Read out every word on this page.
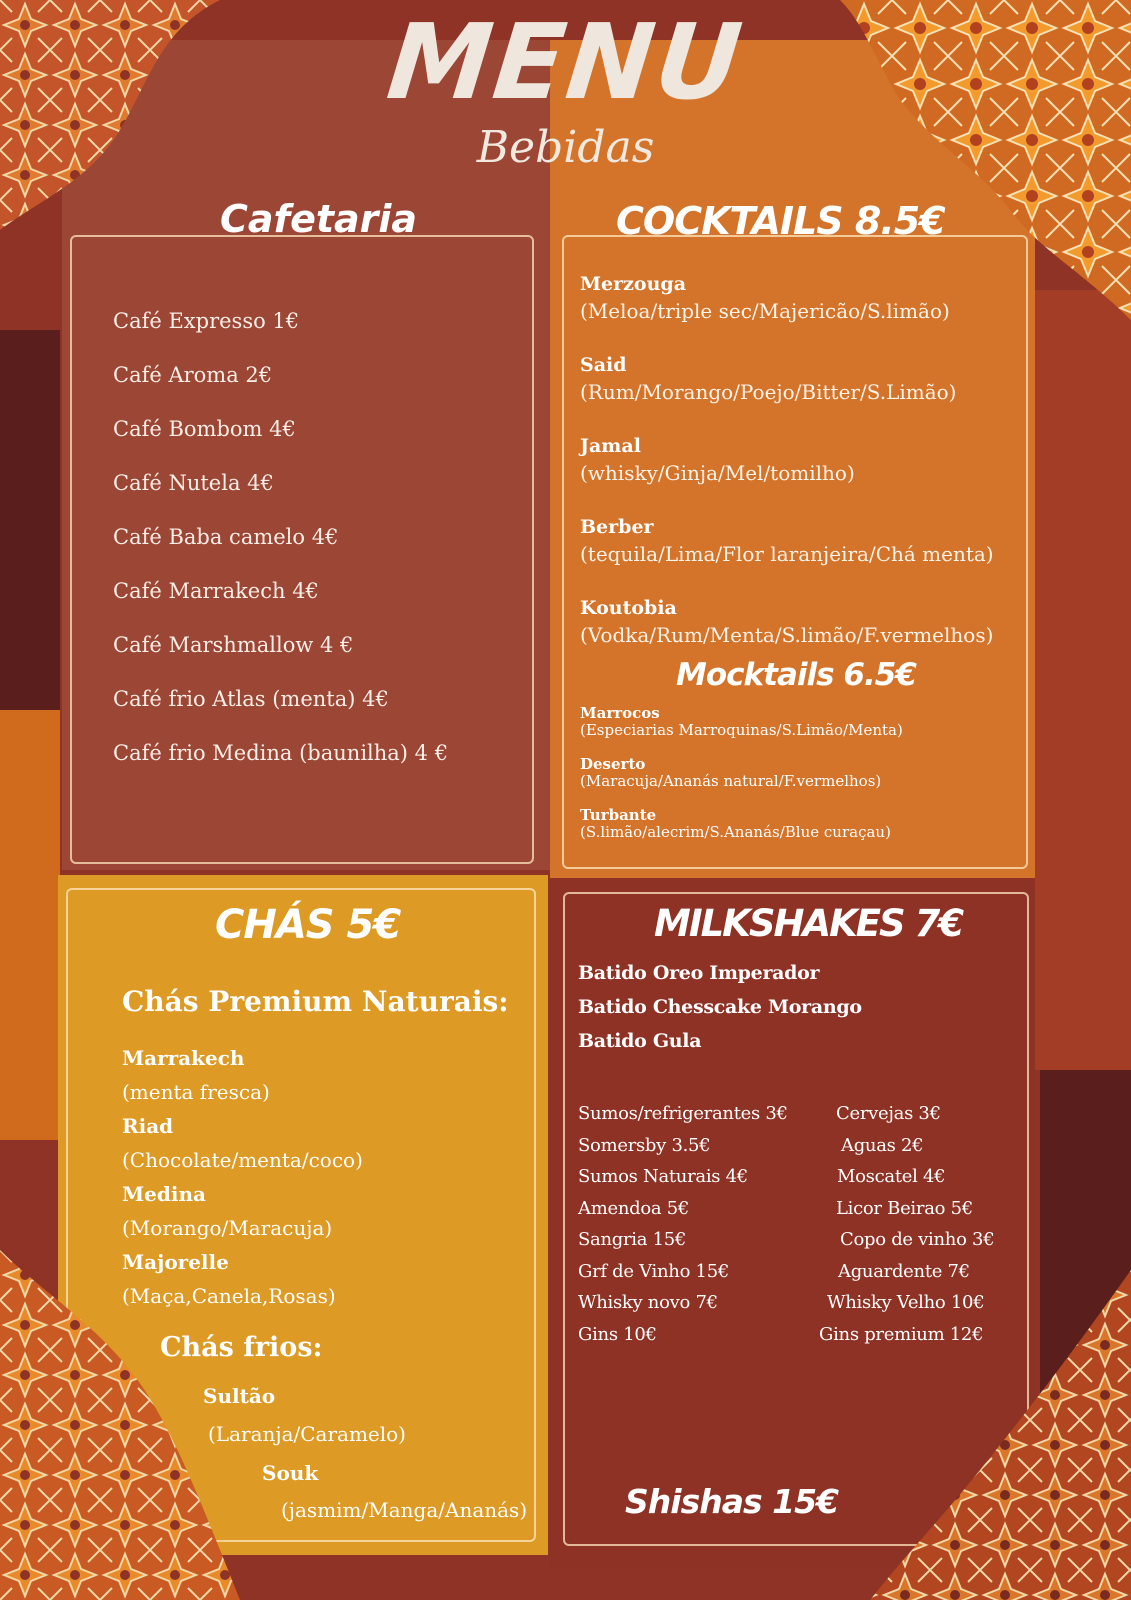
MENU
Bebidas
Cafetaria
Café Expresso 1€
Café Aroma 2€
Café Bombom 4€
Café Nutela 4€
Café Baba camelo 4€
Café Marrakech 4€
Café Marshmallow 4 €
Café frio Atlas (menta) 4€
Café frio Medina (baunilha) 4 €
COCKTAILS 8.5€
Merzouga
(Meloa/triple sec/Majericão/S.limão)
Said
(Rum/Morango/Poejo/Bitter/S.Limão)
Jamal
(whisky/Ginja/Mel/tomilho)
Berber
(tequila/Lima/Flor laranjeira/Chá menta)
Koutobia
(Vodka/Rum/Menta/S.limão/F.vermelhos)
Mocktails 6.5€
Marrocos
(Especiarias Marroquinas/S.Limão/Menta)
Deserto
(Maracuja/Ananás natural/F.vermelhos)
Turbante
(S.limão/alecrim/S.Ananás/Blue curaçau)
CHÁS 5€
Chás Premium Naturais:
Marrakech
(menta fresca)
Riad
(Chocolate/menta/coco)
Medina
(Morango/Maracuja)
Majorelle
(Maça,Canela,Rosas)
Chás frios:
Sultão
(Laranja/Caramelo)
Souk
(jasmim/Manga/Ananás)
MILKSHAKES 7€
Batido Oreo Imperador
Batido Chesscake Morango
Batido Gula
Sumos/refrigerantes 3€
Somersby 3.5€
Sumos Naturais 4€
Amendoa 5€
Sangria 15€
Grf de Vinho 15€
Whisky novo 7€
Gins 10€
Cervejas 3€
Aguas 2€
Moscatel 4€
Licor Beirao 5€
Copo de vinho 3€
Aguardente 7€
Whisky Velho 10€
Gins premium 12€
Shishas 15€
